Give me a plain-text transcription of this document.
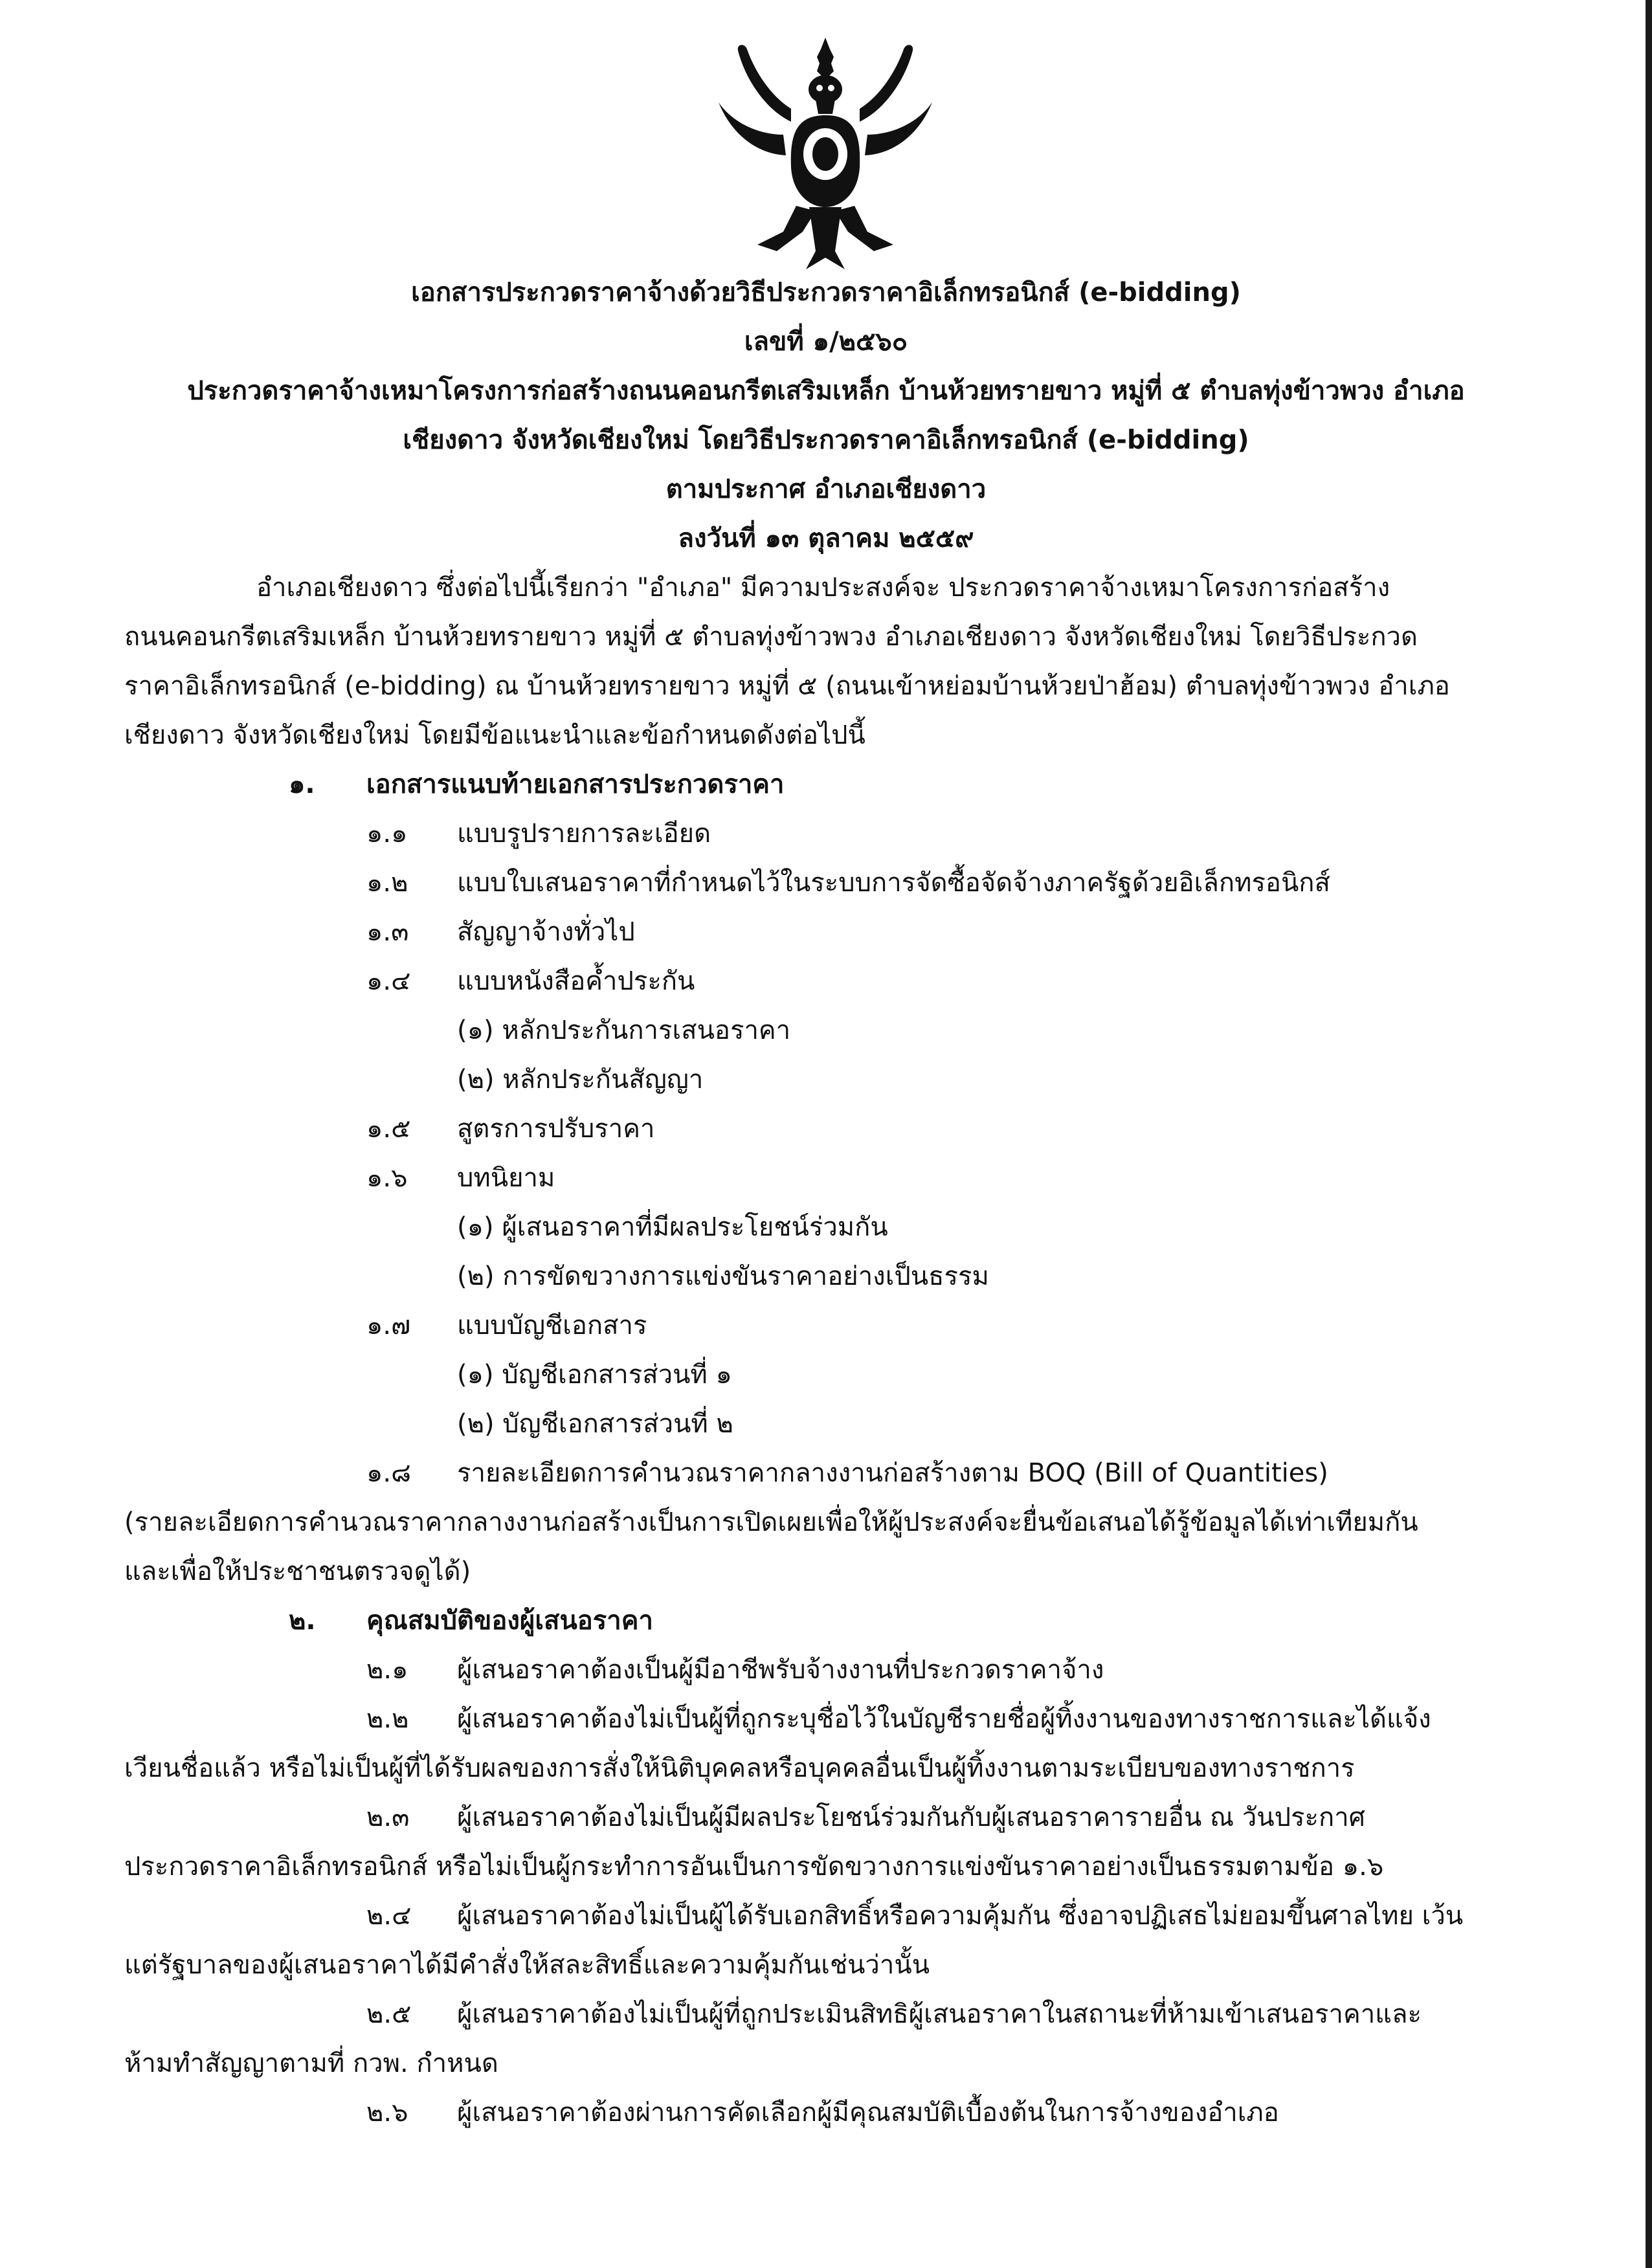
เอกสารประกวดราคาจ้างด้วยวิธีประกวดราคาอิเล็กทรอนิกส์ (e-bidding)
เลขที่ ๑/๒๕๖๐
ประกวดราคาจ้างเหมาโครงการก่อสร้างถนนคอนกรีตเสริมเหล็ก บ้านห้วยทรายขาว หมู่ที่ ๕ ตำบลทุ่งข้าวพวง อำเภอ
เชียงดาว จังหวัดเชียงใหม่ โดยวิธีประกวดราคาอิเล็กทรอนิกส์ (e-bidding)
ตามประกาศ อำเภอเชียงดาว
ลงวันที่ ๑๓ ตุลาคม ๒๕๕๙
อำเภอเชียงดาว ซึ่งต่อไปนี้เรียกว่า "อำเภอ" มีความประสงค์จะ ประกวดราคาจ้างเหมาโครงการก่อสร้าง
ถนนคอนกรีตเสริมเหล็ก บ้านห้วยทรายขาว หมู่ที่ ๕ ตำบลทุ่งข้าวพวง อำเภอเชียงดาว จังหวัดเชียงใหม่ โดยวิธีประกวด
ราคาอิเล็กทรอนิกส์ (e-bidding) ณ บ้านห้วยทรายขาว หมู่ที่ ๕ (ถนนเข้าหย่อมบ้านห้วยป่าฮ้อม) ตำบลทุ่งข้าวพวง อำเภอ
เชียงดาว จังหวัดเชียงใหม่ โดยมีข้อแนะนำและข้อกำหนดดังต่อไปนี้
๑. เอกสารแนบท้ายเอกสารประกวดราคา
๑.๑ แบบรูปรายการละเอียด
๑.๒ แบบใบเสนอราคาที่กำหนดไว้ในระบบการจัดซื้อจัดจ้างภาครัฐด้วยอิเล็กทรอนิกส์
๑.๓ สัญญาจ้างทั่วไป
๑.๔ แบบหนังสือค้ำประกัน
(๑) หลักประกันการเสนอราคา
(๒) หลักประกันสัญญา
๑.๕ สูตรการปรับราคา
๑.๖ บทนิยาม
(๑) ผู้เสนอราคาที่มีผลประโยชน์ร่วมกัน
(๒) การขัดขวางการแข่งขันราคาอย่างเป็นธรรม
๑.๗ แบบบัญชีเอกสาร
(๑) บัญชีเอกสารส่วนที่ ๑
(๒) บัญชีเอกสารส่วนที่ ๒
๑.๘ รายละเอียดการคำนวณราคากลางงานก่อสร้างตาม BOQ (Bill of Quantities)
(รายละเอียดการคำนวณราคากลางงานก่อสร้างเป็นการเปิดเผยเพื่อให้ผู้ประสงค์จะยื่นข้อเสนอได้รู้ข้อมูลได้เท่าเทียมกัน
และเพื่อให้ประชาชนตรวจดูได้)
๒. คุณสมบัติของผู้เสนอราคา
๒.๑ ผู้เสนอราคาต้องเป็นผู้มีอาชีพรับจ้างงานที่ประกวดราคาจ้าง
๒.๒ ผู้เสนอราคาต้องไม่เป็นผู้ที่ถูกระบุชื่อไว้ในบัญชีรายชื่อผู้ทิ้งงานของทางราชการและได้แจ้ง
เวียนชื่อแล้ว หรือไม่เป็นผู้ที่ได้รับผลของการสั่งให้นิติบุคคลหรือบุคคลอื่นเป็นผู้ทิ้งงานตามระเบียบของทางราชการ
๒.๓ ผู้เสนอราคาต้องไม่เป็นผู้มีผลประโยชน์ร่วมกันกับผู้เสนอราคารายอื่น ณ วันประกาศ
ประกวดราคาอิเล็กทรอนิกส์ หรือไม่เป็นผู้กระทำการอันเป็นการขัดขวางการแข่งขันราคาอย่างเป็นธรรมตามข้อ ๑.๖
๒.๔ ผู้เสนอราคาต้องไม่เป็นผู้ได้รับเอกสิทธิ์หรือความคุ้มกัน ซึ่งอาจปฏิเสธไม่ยอมขึ้นศาลไทย เว้น
แต่รัฐบาลของผู้เสนอราคาได้มีคำสั่งให้สละสิทธิ์และความคุ้มกันเช่นว่านั้น
๒.๕ ผู้เสนอราคาต้องไม่เป็นผู้ที่ถูกประเมินสิทธิผู้เสนอราคาในสถานะที่ห้ามเข้าเสนอราคาและ
ห้ามทำสัญญาตามที่ กวพ. กำหนด
๒.๖ ผู้เสนอราคาต้องผ่านการคัดเลือกผู้มีคุณสมบัติเบื้องต้นในการจ้างของอำเภอ
